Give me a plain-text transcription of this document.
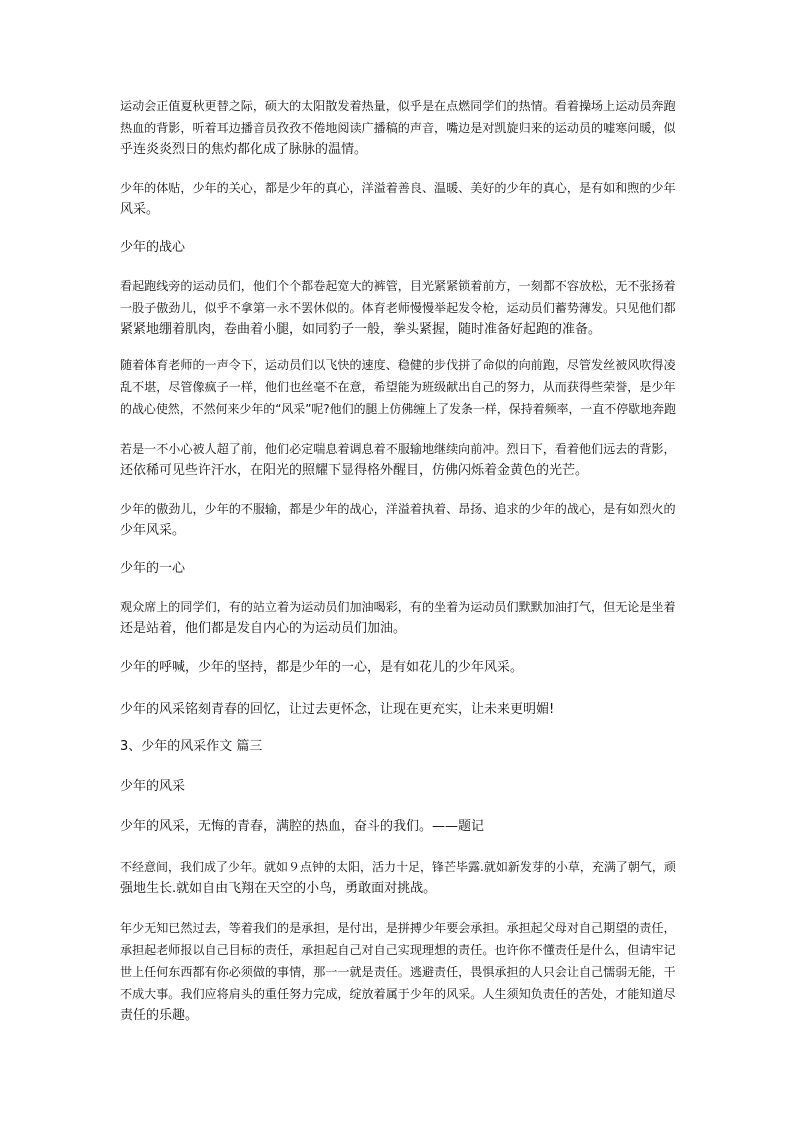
运动会正值夏秋更替之际，硕大的太阳散发着热量，似乎是在点燃同学们的热情。看着操场上运动员奔跑
热血的背影，听着耳边播音员孜孜不倦地阅读广播稿的声音，嘴边是对凯旋归来的运动员的嘘寒问暖，似
乎连炎炎烈日的焦灼都化成了脉脉的温情。

少年的体贴，少年的关心，都是少年的真心，洋溢着善良、温暖、美好的少年的真心，是有如和煦的少年
风采。

少年的战心

看起跑线旁的运动员们，他们个个都卷起宽大的裤管，目光紧紧锁着前方，一刻都不容放松，无不张扬着
一股子傲劲儿，似乎不拿第一永不罢休似的。体育老师慢慢举起发令枪，运动员们蓄势薄发。只见他们都
紧紧地绷着肌肉，卷曲着小腿，如同豹子一般，拳头紧握，随时准备好起跑的准备。

随着体育老师的一声令下，运动员们以飞快的速度、稳健的步伐拼了命似的向前跑，尽管发丝被风吹得凌
乱不堪，尽管像疯子一样，他们也丝毫不在意，希望能为班级献出自己的努力，从而获得些荣誉，是少年
的战心使然，不然何来少年的“风采”呢?他们的腿上仿佛缠上了发条一样，保持着频率，一直不停歇地奔跑

若是一不小心被人超了前，他们必定喘息着调息着不服输地继续向前冲。烈日下，看着他们远去的背影，
还依稀可见些许汗水，在阳光的照耀下显得格外醒目，仿佛闪烁着金黄色的光芒。

少年的傲劲儿，少年的不服输，都是少年的战心，洋溢着执着、昂扬、追求的少年的战心，是有如烈火的
少年风采。

少年的一心

观众席上的同学们，有的站立着为运动员们加油喝彩，有的坐着为运动员们默默加油打气，但无论是坐着
还是站着，他们都是发自内心的为运动员们加油。

少年的呼喊，少年的坚持，都是少年的一心，是有如花儿的少年风采。

少年的风采铭刻青春的回忆，让过去更怀念，让现在更充实，让未来更明媚!

3、少年的风采作文 篇三

少年的风采

少年的风采，无悔的青春，满腔的热血，奋斗的我们。——题记

不经意间，我们成了少年。就如９点钟的太阳，活力十足，锋芒毕露.就如新发芽的小草，充满了朝气，顽
强地生长.就如自由飞翔在天空的小鸟，勇敢面对挑战。

年少无知已然过去，等着我们的是承担，是付出，是拼搏少年要会承担。承担起父母对自己期望的责任，
承担起老师报以自己目标的责任，承担起自己对自己实现理想的责任。也许你不懂责任是什么，但请牢记
世上任何东西都有你必须做的事情，那一一就是责任。逃避责任，畏惧承担的人只会让自己懦弱无能，干
不成大事。我们应将肩头的重任努力完成，绽放着属于少年的风采。人生须知负责任的苦处，才能知道尽
责任的乐趣。
